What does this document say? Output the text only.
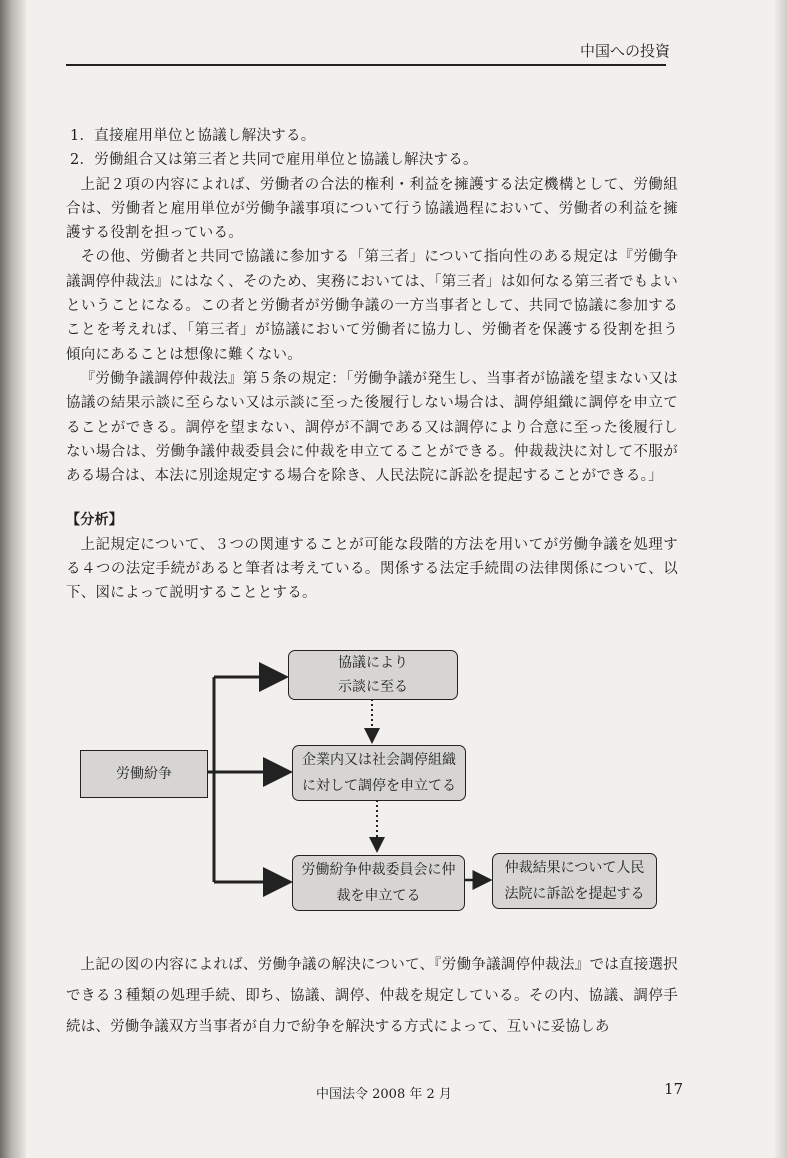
中国への投資

1．直接雇用単位と協議し解決する。

2．労働組合又は第三者と共同で雇用単位と協議し解決する。

上記２項の内容によれば、労働者の合法的権利・利益を擁護する法定機構として、労働組合は、労働者と雇用単位が労働争議事項について行う協議過程において、労働者の利益を擁護する役割を担っている。

その他、労働者と共同で協議に参加する「第三者」について指向性のある規定は『労働争議調停仲裁法』にはなく、そのため、実務においては、「第三者」は如何なる第三者でもよいということになる。この者と労働者が労働争議の一方当事者として、共同で協議に参加することを考えれば、「第三者」が協議において労働者に協力し、労働者を保護する役割を担う傾向にあることは想像に難くない。

『労働争議調停仲裁法』第５条の規定：「労働争議が発生し、当事者が協議を望まない又は協議の結果示談に至らない又は示談に至った後履行しない場合は、調停組織に調停を申立てることができる。調停を望まない、調停が不調である又は調停により合意に至った後履行しない場合は、労働争議仲裁委員会に仲裁を申立てることができる。仲裁裁決に対して不服がある場合は、本法に別途規定する場合を除き、人民法院に訴訟を提起することができる。」

【分析】

上記規定について、３つの関連することが可能な段階的方法を用いてが労働争議を処理する４つの法定手続があると筆者は考えている。関係する法定手続間の法律関係について、以下、図によって説明することとする。

労働紛争
協議により
示談に至る
企業内又は社会調停組織
に対して調停を申立てる
労働紛争仲裁委員会に仲
裁を申立てる
仲裁結果について人民
法院に訴訟を提起する

上記の図の内容によれば、労働争議の解決について、『労働争議調停仲裁法』では直接選択できる３種類の処理手続、即ち、協議、調停、仲裁を規定している。その内、協議、調停手続は、労働争議双方当事者が自力で紛争を解決する方式によって、互いに妥協しあ

中国法令 2008 年 2 月	17
